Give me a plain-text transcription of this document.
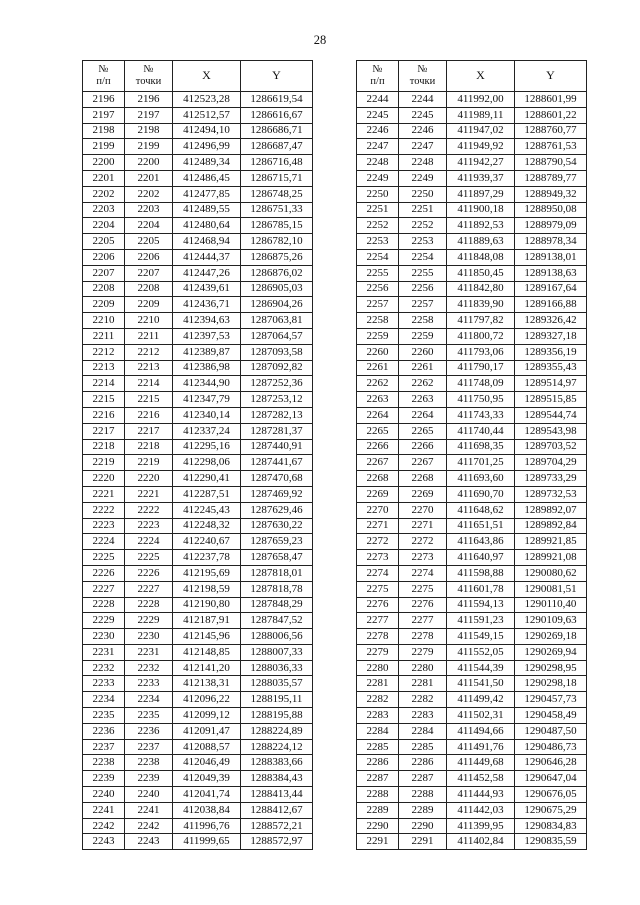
28
№
п/п	№
точки	X	Y
2196	2196	412523,28	1286619,54
2197	2197	412512,57	1286616,67
2198	2198	412494,10	1286686,71
2199	2199	412496,99	1286687,47
2200	2200	412489,34	1286716,48
2201	2201	412486,45	1286715,71
2202	2202	412477,85	1286748,25
2203	2203	412489,55	1286751,33
2204	2204	412480,64	1286785,15
2205	2205	412468,94	1286782,10
2206	2206	412444,37	1286875,26
2207	2207	412447,26	1286876,02
2208	2208	412439,61	1286905,03
2209	2209	412436,71	1286904,26
2210	2210	412394,63	1287063,81
2211	2211	412397,53	1287064,57
2212	2212	412389,87	1287093,58
2213	2213	412386,98	1287092,82
2214	2214	412344,90	1287252,36
2215	2215	412347,79	1287253,12
2216	2216	412340,14	1287282,13
2217	2217	412337,24	1287281,37
2218	2218	412295,16	1287440,91
2219	2219	412298,06	1287441,67
2220	2220	412290,41	1287470,68
2221	2221	412287,51	1287469,92
2222	2222	412245,43	1287629,46
2223	2223	412248,32	1287630,22
2224	2224	412240,67	1287659,23
2225	2225	412237,78	1287658,47
2226	2226	412195,69	1287818,01
2227	2227	412198,59	1287818,78
2228	2228	412190,80	1287848,29
2229	2229	412187,91	1287847,52
2230	2230	412145,96	1288006,56
2231	2231	412148,85	1288007,33
2232	2232	412141,20	1288036,33
2233	2233	412138,31	1288035,57
2234	2234	412096,22	1288195,11
2235	2235	412099,12	1288195,88
2236	2236	412091,47	1288224,89
2237	2237	412088,57	1288224,12
2238	2238	412046,49	1288383,66
2239	2239	412049,39	1288384,43
2240	2240	412041,74	1288413,44
2241	2241	412038,84	1288412,67
2242	2242	411996,76	1288572,21
2243	2243	411999,65	1288572,97
№
п/п	№
точки	X	Y
2244	2244	411992,00	1288601,99
2245	2245	411989,11	1288601,22
2246	2246	411947,02	1288760,77
2247	2247	411949,92	1288761,53
2248	2248	411942,27	1288790,54
2249	2249	411939,37	1288789,77
2250	2250	411897,29	1288949,32
2251	2251	411900,18	1288950,08
2252	2252	411892,53	1288979,09
2253	2253	411889,63	1288978,34
2254	2254	411848,08	1289138,01
2255	2255	411850,45	1289138,63
2256	2256	411842,80	1289167,64
2257	2257	411839,90	1289166,88
2258	2258	411797,82	1289326,42
2259	2259	411800,72	1289327,18
2260	2260	411793,06	1289356,19
2261	2261	411790,17	1289355,43
2262	2262	411748,09	1289514,97
2263	2263	411750,95	1289515,85
2264	2264	411743,33	1289544,74
2265	2265	411740,44	1289543,98
2266	2266	411698,35	1289703,52
2267	2267	411701,25	1289704,29
2268	2268	411693,60	1289733,29
2269	2269	411690,70	1289732,53
2270	2270	411648,62	1289892,07
2271	2271	411651,51	1289892,84
2272	2272	411643,86	1289921,85
2273	2273	411640,97	1289921,08
2274	2274	411598,88	1290080,62
2275	2275	411601,78	1290081,51
2276	2276	411594,13	1290110,40
2277	2277	411591,23	1290109,63
2278	2278	411549,15	1290269,18
2279	2279	411552,05	1290269,94
2280	2280	411544,39	1290298,95
2281	2281	411541,50	1290298,18
2282	2282	411499,42	1290457,73
2283	2283	411502,31	1290458,49
2284	2284	411494,66	1290487,50
2285	2285	411491,76	1290486,73
2286	2286	411449,68	1290646,28
2287	2287	411452,58	1290647,04
2288	2288	411444,93	1290676,05
2289	2289	411442,03	1290675,29
2290	2290	411399,95	1290834,83
2291	2291	411402,84	1290835,59
